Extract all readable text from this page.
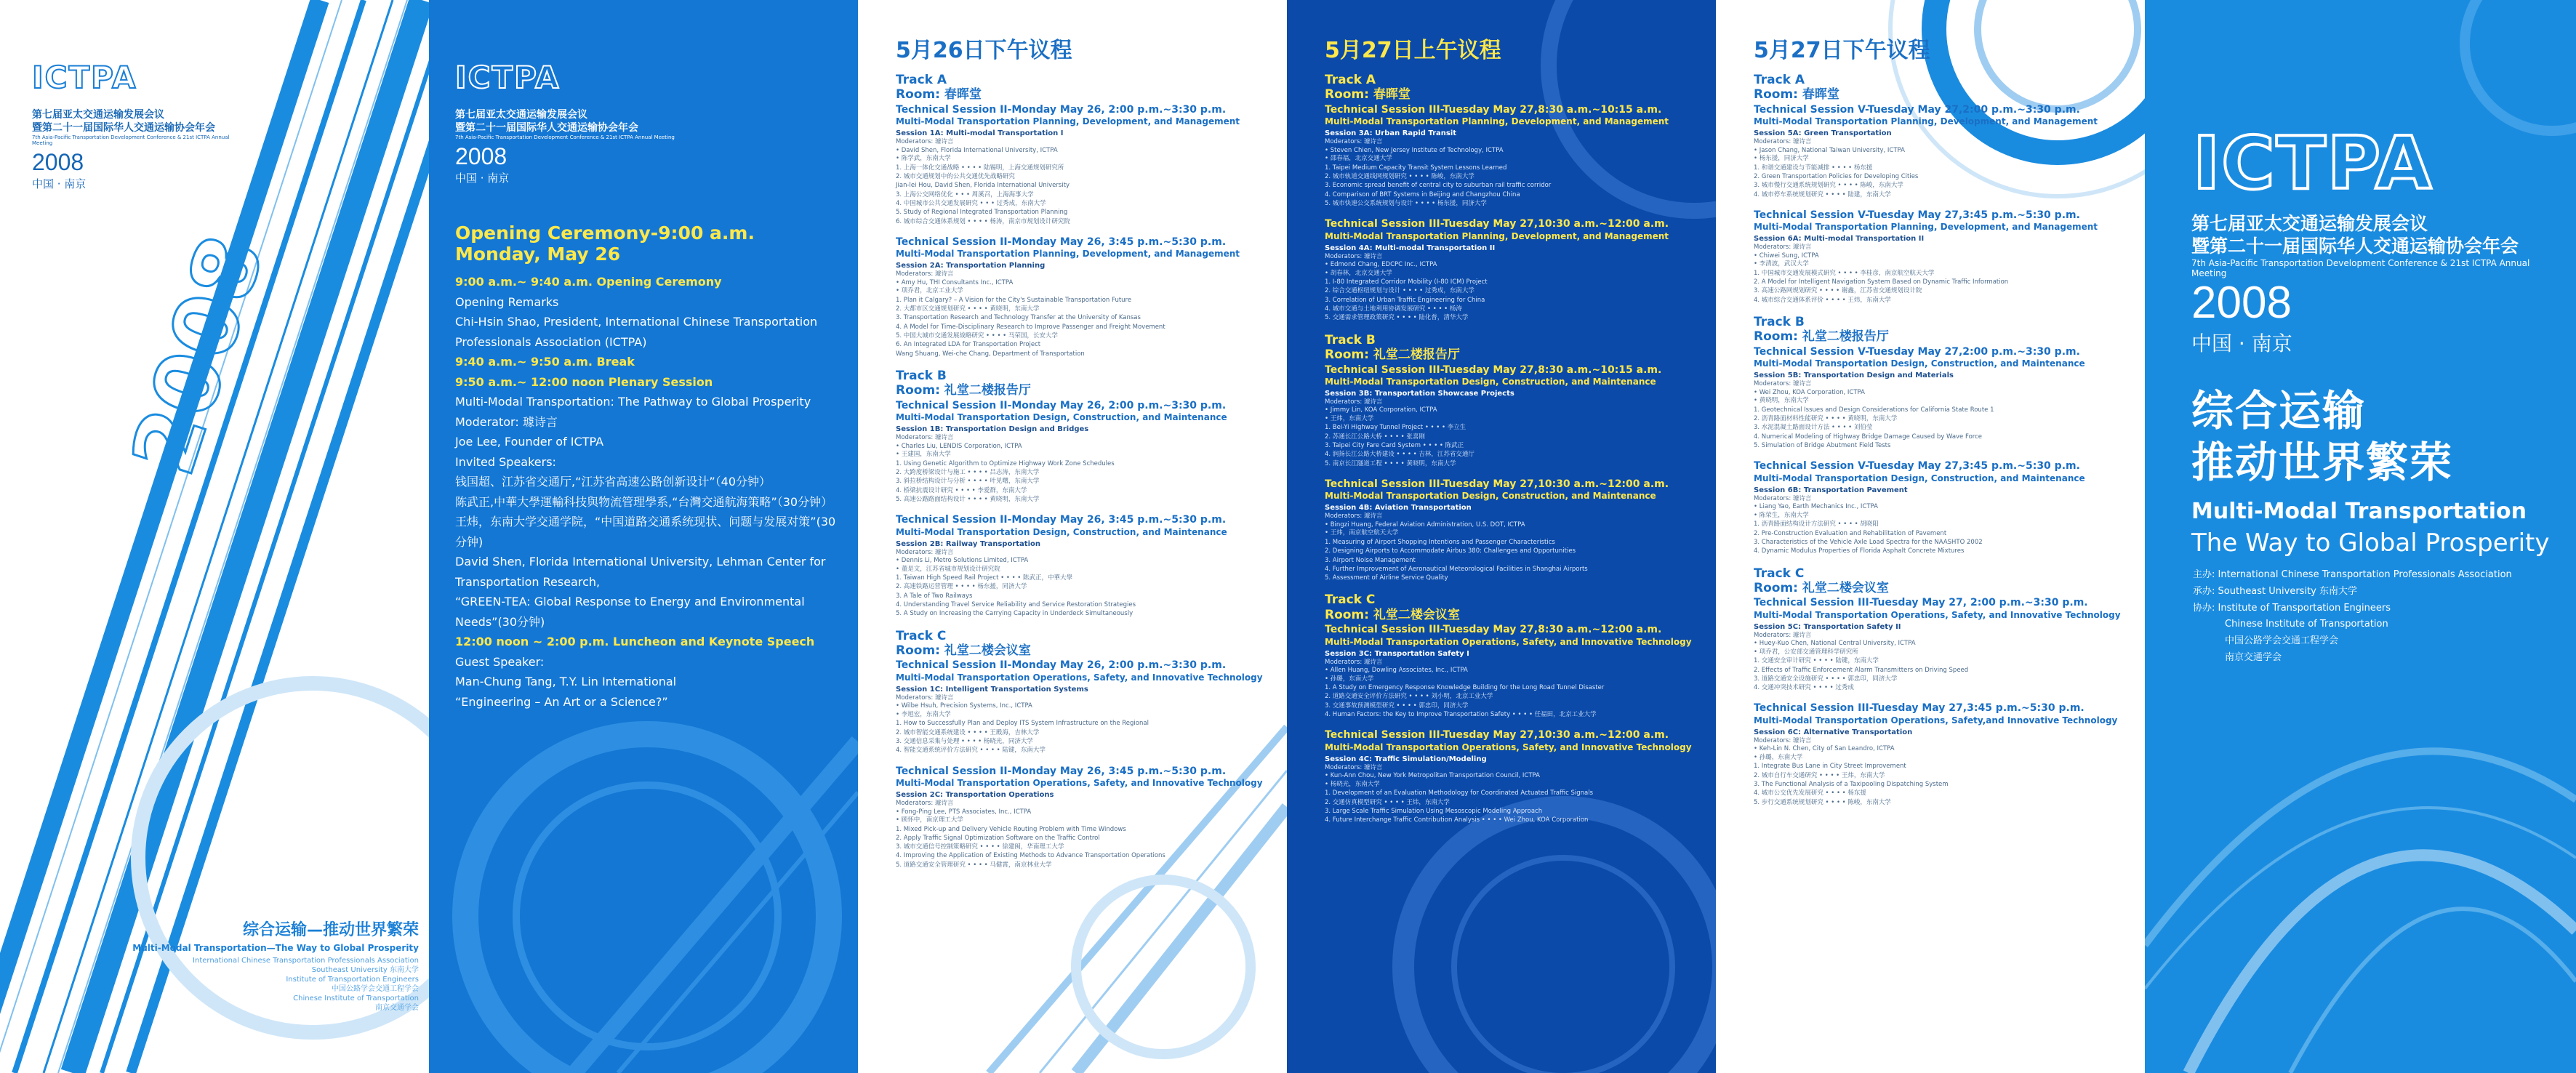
2008
ICTPA
第七届亚太交通运输发展会议
暨第二十一届国际华人交通运输协会年会
7th Asia-Pacific Transportation Development Conference & 21st ICTPA Annual Meeting
2008
中国 · 南京
综合运输—推动世界繁荣
Multi-Modal Transportation—The Way to Global Prosperity
International Chinese Transportation Professionals Association
Southeast University 东南大学
Institute of Transportation Engineers
中国公路学会交通工程学会
Chinese Institute of Transportation
南京交通学会
ICTPA
第七届亚太交通运输发展会议
暨第二十一届国际华人交通运输协会年会
7th Asia-Pacific Transportation Development Conference & 21st ICTPA Annual Meeting
2008
中国 · 南京
Opening Ceremony-9:00 a.m. Monday, May 26
9:00 a.m.~ 9:40 a.m. Opening Ceremony
Opening Remarks
Chi-Hsin Shao, President, International Chinese Transportation
Professionals Association (ICTPA)
9:40 a.m.~ 9:50 a.m. Break
9:50 a.m.~ 12:00 noon Plenary Session
Multi-Modal Transportation: The Pathway to Global Prosperity
Moderator: 璩诗言
Joe Lee, Founder of ICTPA
Invited Speakers:
钱国超、江苏省交通厅,“江苏省高速公路创新设计”（40分钟）
陈武正,中華大學運輸科技與物流管理學系,“台灣交通航海策略”（30分钟）
王炜，东南大学交通学院，“中国道路交通系统现状、问题与发展对策”(30分钟)
David Shen, Florida International University, Lehman Center for Transportation Research,
“GREEN-TEA: Global Response to Energy and Environmental Needs”(30分钟)
12:00 noon ~ 2:00 p.m. Luncheon and Keynote Speech
Guest Speaker:
Man-Chung Tang, T.Y. Lin International
“Engineering – An Art or a Science?”
5月26日下午议程
Track A
Room: 春晖堂
Technical Session II-Monday May 26, 2:00 p.m.~3:30 p.m.
Multi-Modal Transportation Planning, Development, and Management
Session 1A: Multi-modal Transportation I
Moderators: 璩诗言
• David Shen, Florida International University, ICTPA
• 陈学武，东南大学
1. 上海一体化交通战略 • • • • 陆锡明，上海交通规划研究所
2. 城市交通规划中的公共交通优先战略研究
Jian-lei Hou, David Shen, Florida International University
3. 上海公交网络优化 • • • 周溪召，上海海事大学
4. 中国城市公共交通发展研究 • • • 过秀成，东南大学
5. Study of Regional Integrated Transportation Planning
6. 城市综合交通体系规划 • • • • 杨涛，南京市规划设计研究院
Technical Session II-Monday May 26, 3:45 p.m.~5:30 p.m.
Multi-Modal Transportation Planning, Development, and Management
Session 2A: Transportation Planning
Moderators: 璩诗言
• Amy Hu, THI Consultants Inc., ICTPA
• 项乔君，北京工业大学
1. Plan it Calgary? – A Vision for the City's Sustainable Transportation Future
2. 大都市区交通规划研究 • • • • 黄晓明，东南大学
3. Transportation Research and Technology Transfer at the University of Kansas
4. A Model for Time-Disciplinary Research to Improve Passenger and Freight Movement
5. 中国大城市交通发展战略研究 • • • • 马荣国，长安大学
6. An Integrated LDA for Transportation Project
Wang Shuang, Wei-che Chang, Department of Transportation
Track B
Room: 礼堂二楼报告厅
Technical Session II-Monday May 26, 2:00 p.m.~3:30 p.m.
Multi-Modal Transportation Design, Construction, and Maintenance
Session 1B: Transportation Design and Bridges
Moderators: 璩诗言
• Charles Liu, LENDIS Corporation, ICTPA
• 王建国，东南大学
1. Using Genetic Algorithm to Optimize Highway Work Zone Schedules
2. 大跨度桥梁设计与施工 • • • • 吕志涛，东南大学
3. 斜拉桥结构设计与分析 • • • • 叶见曙，东南大学
4. 桥梁抗震设计研究 • • • • 李爱群，东南大学
5. 高速公路路面结构设计 • • • • 黄晓明，东南大学
Technical Session II-Monday May 26, 3:45 p.m.~5:30 p.m.
Multi-Modal Transportation Design, Construction, and Maintenance
Session 2B: Railway Transportation
Moderators: 璩诗言
• Dennis Li, Metro Solutions Limited, ICTPA
• 董是文，江苏省城市规划设计研究院
1. Taiwan High Speed Rail Project • • • • 陈武正，中華大學
2. 高速铁路运营管理 • • • • 杨东援，同济大学
3. A Tale of Two Railways
4. Understanding Travel Service Reliability and Service Restoration Strategies
5. A Study on Increasing the Carrying Capacity in Underdeck Simultaneously
Track C
Room: 礼堂二楼会议室
Technical Session II-Monday May 26, 2:00 p.m.~3:30 p.m.
Multi-Modal Transportation Operations, Safety, and Innovative Technology
Session 1C: Intelligent Transportation Systems
Moderators: 璩诗言
• Wilbe Hsuh, Precision Systems, Inc., ICTPA
• 李旭宏，东南大学
1. How to Successfully Plan and Deploy ITS System Infrastructure on the Regional
2. 城市智能交通系统建设 • • • • 王殿海，吉林大学
3. 交通信息采集与处理 • • • • 杨晓光，同济大学
4. 智能交通系统评价方法研究 • • • • 陆键，东南大学
Technical Session II-Monday May 26, 3:45 p.m.~5:30 p.m.
Multi-Modal Transportation Operations, Safety, and Innovative Technology
Session 2C: Transportation Operations
Moderators: 璩诗言
• Fong-Ping Lee, PTS Associates, Inc., ICTPA
• 顾怀中，南京理工大学
1. Mixed Pick-up and Delivery Vehicle Routing Problem with Time Windows
2. Apply Traffic Signal Optimization Software on the Traffic Control
3. 城市交通信号控制策略研究 • • • • 徐建闽，华南理工大学
4. Improving the Application of Existing Methods to Advance Transportation Operations
5. 道路交通安全管理研究 • • • • 马健霄，南京林业大学
5月27日上午议程
Track A
Room: 春晖堂
Technical Session III-Tuesday May 27,8:30 a.m.~10:15 a.m.
Multi-Modal Transportation Planning, Development, and Management
Session 3A: Urban Rapid Transit
Moderators: 璩诗言
• Steven Chien, New Jersey Institute of Technology, ICTPA
• 邵春福，北京交通大学
1. Taipei Medium Capacity Transit System Lessons Learned
2. 城市轨道交通线网规划研究 • • • • 陈峻，东南大学
3. Economic spread benefit of central city to suburban rail traffic corridor
4. Comparison of BRT Systems in Beijing and Changzhou China
5. 城市快速公交系统规划与设计 • • • • 杨东援，同济大学
Technical Session III-Tuesday May 27,10:30 a.m.~12:00 a.m.
Multi-Modal Transportation Planning, Development, and Management
Session 4A: Multi-modal Transportation II
Moderators: 璩诗言
• Edmond Chang, EDCPC Inc., ICTPA
• 胡春林，北京交通大学
1. I-80 Integrated Corridor Mobility (I-80 ICM) Project
2. 综合交通枢纽规划与设计 • • • • 过秀成，东南大学
3. Correlation of Urban Traffic Engineering for China
4. 城市交通与土地利用协调发展研究 • • • • 杨涛
5. 交通需求管理政策研究 • • • • 陆化普，清华大学
Track B
Room: 礼堂二楼报告厅
Technical Session III-Tuesday May 27,8:30 a.m.~10:15 a.m.
Multi-Modal Transportation Design, Construction, and Maintenance
Session 3B: Transportation Showcase Projects
Moderators: 璩诗言
• Jimmy Lin, KOA Corporation, ICTPA
• 王炜，东南大学
1. Bei-Yi Highway Tunnel Project • • • • 李立生
2. 苏通长江公路大桥 • • • • 张喜刚
3. Taipei City Fare Card System • • • • 陈武正
4. 润扬长江公路大桥建设 • • • • 吉林，江苏省交通厅
5. 南京长江隧道工程 • • • • 黄晓明，东南大学
Technical Session III-Tuesday May 27,10:30 a.m.~12:00 a.m.
Multi-Modal Transportation Design, Construction, and Maintenance
Session 4B: Aviation Transportation
Moderators: 璩诗言
• Bingzi Huang, Federal Aviation Administration, U.S. DOT, ICTPA
• 王炜，南京航空航天大学
1. Measuring of Airport Shopping Intentions and Passenger Characteristics
2. Designing Airports to Accommodate Airbus 380: Challenges and Opportunities
3. Airport Noise Management
4. Further Improvement of Aeronautical Meteorological Facilities in Shanghai Airports
5. Assessment of Airline Service Quality
Track C
Room: 礼堂二楼会议室
Technical Session III-Tuesday May 27,8:30 a.m.~12:00 a.m.
Multi-Modal Transportation Operations, Safety, and Innovative Technology
Session 3C: Transportation Safety I
Moderators: 璩诗言
• Allen Huang, Dowling Associates, Inc., ICTPA
• 孙璐，东南大学
1. A Study on Emergency Response Knowledge Building for the Long Road Tunnel Disaster
2. 道路交通安全评价方法研究 • • • • 刘小明，北京工业大学
3. 交通事故预测模型研究 • • • • 郭忠印，同济大学
4. Human Factors: the Key to Improve Transportation Safety • • • • 任福田，北京工业大学
Technical Session III-Tuesday May 27,10:30 a.m.~12:00 a.m.
Multi-Modal Transportation Operations, Safety, and Innovative Technology
Session 4C: Traffic Simulation/Modeling
Moderators: 璩诗言
• Kun-Ann Chou, New York Metropolitan Transportation Council, ICTPA
• 杨晓光，东南大学
1. Development of an Evaluation Methodology for Coordinated Actuated Traffic Signals
2. 交通仿真模型研究 • • • • 王炜，东南大学
3. Large Scale Traffic Simulation Using Mesoscopic Modeling Approach
4. Future Interchange Traffic Contribution Analysis • • • • Wei Zhou, KOA Corporation
5月27日下午议程
Track A
Room: 春晖堂
Technical Session V-Tuesday May 27,2:00 p.m.~3:30 p.m.
Multi-Modal Transportation Planning, Development, and Management
Session 5A: Green Transportation
Moderators: 璩诗言
• Jason Chang, National Taiwan University, ICTPA
• 杨东援，同济大学
1. 和谐交通建设与节能减排 • • • • 杨东援
2. Green Transportation Policies for Developing Cities
3. 城市慢行交通系统规划研究 • • • • 陈峻，东南大学
4. 城市停车系统规划研究 • • • • 陆建，东南大学
Technical Session V-Tuesday May 27,3:45 p.m.~5:30 p.m.
Multi-Modal Transportation Planning, Development, and Management
Session 6A: Multi-modal Transportation II
Moderators: 璩诗言
• Chiwei Sung, ICTPA
• 李清波，武汉大学
1. 中国城市交通发展模式研究 • • • • 李桂彦，南京航空航天大学
2. A Model for Intelligent Navigation System Based on Dynamic Traffic Information
3. 高速公路网规划研究 • • • • 谢鑫，江苏省交通规划设计院
4. 城市综合交通体系评价 • • • • 王炜，东南大学
Track B
Room: 礼堂二楼报告厅
Technical Session V-Tuesday May 27,2:00 p.m.~3:30 p.m.
Multi-Modal Transportation Design, Construction, and Maintenance
Session 5B: Transportation Design and Materials
Moderators: 璩诗言
• Wei Zhou, KOA Corporation, ICTPA
• 黄晓明，东南大学
1. Geotechnical Issues and Design Considerations for California State Route 1
2. 沥青路面材料性能研究 • • • • 黄晓明，东南大学
3. 水泥混凝土路面设计方法 • • • • 刘伯莹
4. Numerical Modeling of Highway Bridge Damage Caused by Wave Force
5. Simulation of Bridge Abutment Field Tests
Technical Session V-Tuesday May 27,3:45 p.m.~5:30 p.m.
Multi-Modal Transportation Design, Construction, and Maintenance
Session 6B: Transportation Pavement
Moderators: 璩诗言
• Liang Yao, Earth Mechanics Inc., ICTPA
• 陈荣生，东南大学
1. 沥青路面结构设计方法研究 • • • • 胡晓阳
2. Pre-Construction Evaluation and Rehabilitation of Pavement
3. Characteristics of the Vehicle Axle Load Spectra for the NAASHTO 2002
4. Dynamic Modulus Properties of Florida Asphalt Concrete Mixtures
Track C
Room: 礼堂二楼会议室
Technical Session III-Tuesday May 27, 2:00 p.m.~3:30 p.m.
Multi-Modal Transportation Operations, Safety, and Innovative Technology
Session 5C: Transportation Safety II
Moderators: 璩诗言
• Huey-Kuo Chen, National Central University, ICTPA
• 项乔君，公安部交通管理科学研究所
1. 交通安全审计研究 • • • • 陆键，东南大学
2. Effects of Traffic Enforcement Alarm Transmitters on Driving Speed
3. 道路交通安全设施研究 • • • • 郭忠印，同济大学
4. 交通冲突技术研究 • • • • 过秀成
Technical Session III-Tuesday May 27,3:45 p.m.~5:30 p.m.
Multi-Modal Transportation Operations, Safety,and Innovative Technology
Session 6C: Alternative Transportation
Moderators: 璩诗言
• Keh-Lin N. Chen, City of San Leandro, ICTPA
• 孙璐，东南大学
1. Integrate Bus Lane in City Street Improvement
2. 城市自行车交通研究 • • • • 王炜，东南大学
3. The Functional Analysis of a Taxipooling Dispatching System
4. 城市公交优先发展研究 • • • • 杨东援
5. 步行交通系统规划研究 • • • • 陈峻，东南大学
ICTPA
第七届亚太交通运输发展会议
暨第二十一届国际华人交通运输协会年会
7th Asia-Pacific Transportation Development Conference & 21st ICTPA Annual Meeting
2008
中国 · 南京
综合运输
推动世界繁荣
Multi-Modal Transportation
The Way to Global Prosperity
主办: International Chinese Transportation Professionals Association
承办: Southeast University 东南大学
协办: Institute of Transportation Engineers
Chinese Institute of Transportation
中国公路学会交通工程学会
南京交通学会
